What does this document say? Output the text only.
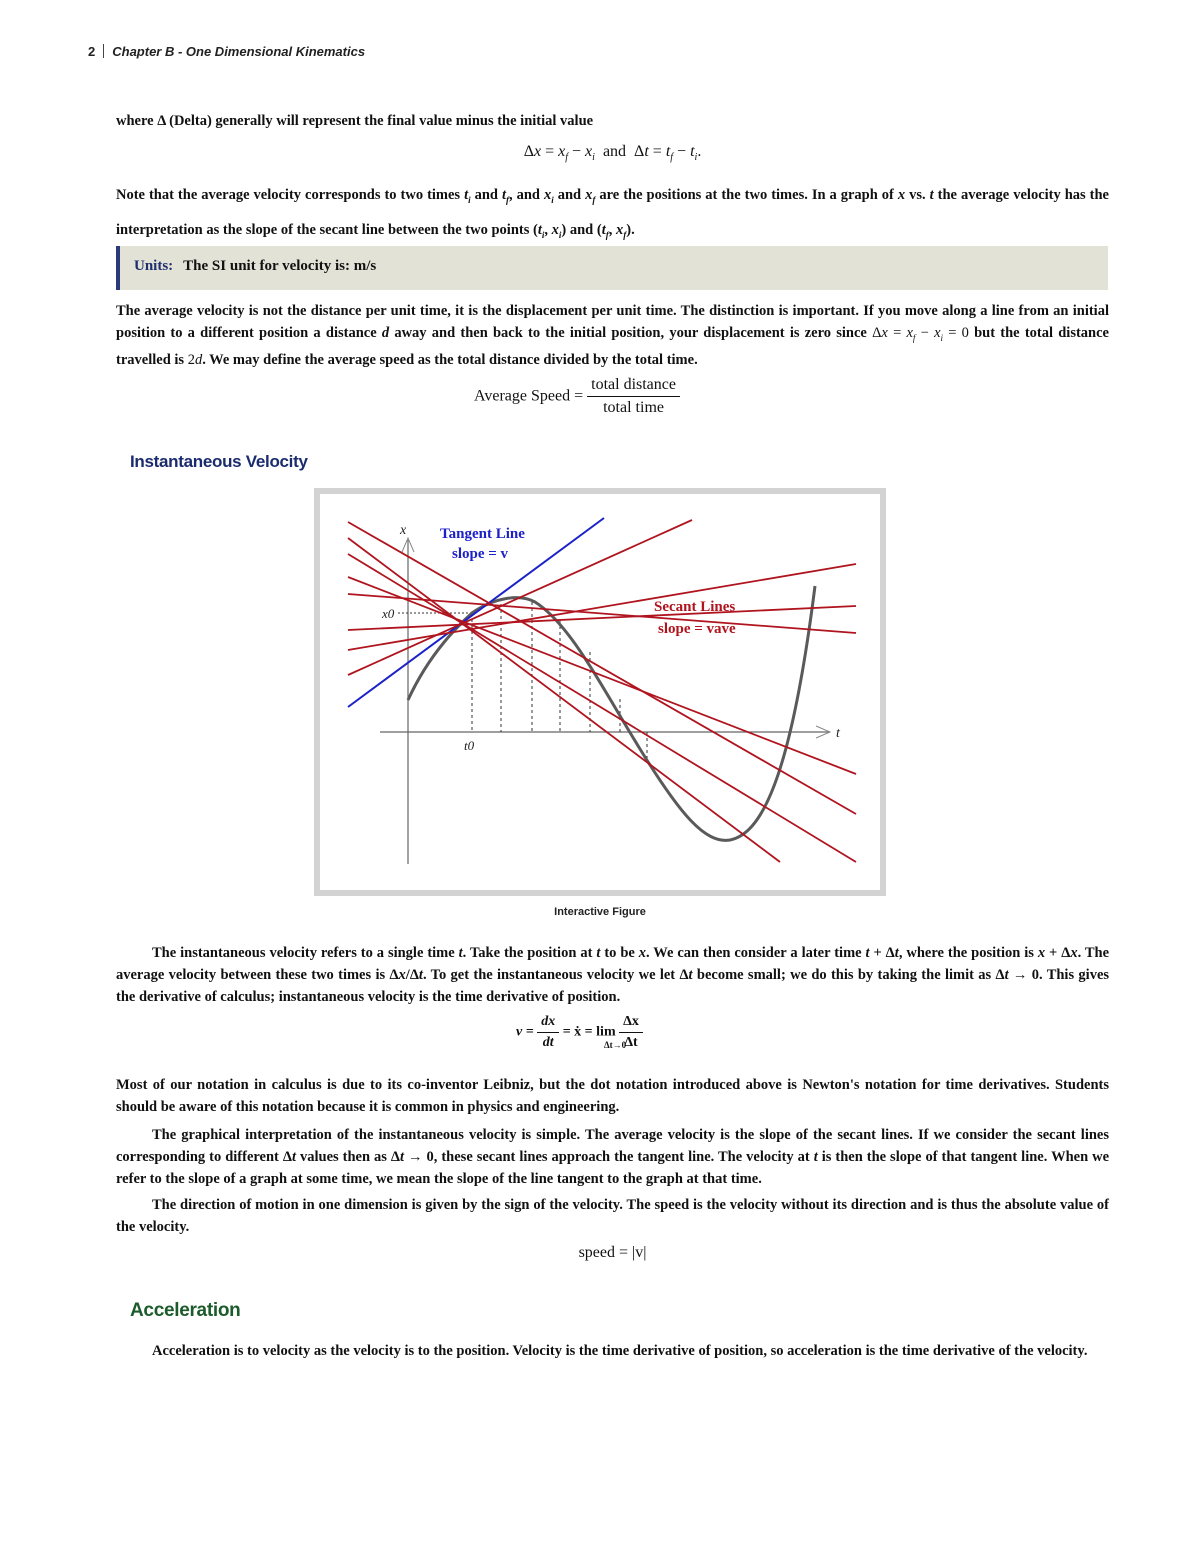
2 Chapter B - One Dimensional Kinematics
where Δ (Delta) generally will represent the final value minus the initial value
$\Delta x = x_f - x_i$  and  $\Delta t = t_f - t_i$.
Note that the average velocity corresponds to two times $t_i$ and $t_f$, and $x_i$ and $x_f$ are the positions at the two times. In a graph of x vs. t the average velocity has the interpretation as the slope of the secant line between the two points ($t_i$, $x_i$) and ($t_f$, $x_f$).
Units: The SI unit for velocity is: m/s
The average velocity is not the distance per unit time, it is the displacement per unit time. The distinction is important. If you move along a line from an initial position to a different position a distance d away and then back to the initial position, your displacement is zero since $\Delta x = x_f - x_i = 0$ but the total distance travelled is 2d. We may define the average speed as the total distance divided by the total time.
Average Speed = $\frac{\text{total distance}}{\text{total time}}$
Instantaneous Velocity
x
t
x0
t0
Tangent Line
slope = v
Secant Lines
slope = vave
Interactive Figure
The instantaneous velocity refers to a single time t. Take the position at t to be x. We can then consider a later time t + Δt, where the position is x + Δx. The average velocity between these two times is Δx/Δt. To get the instantaneous velocity we let Δt become small; we do this by taking the limit as Δt → 0. This gives the derivative of calculus; instantaneous velocity is the time derivative of position.
$v = \frac{dx}{dt}$ = ẋ = lim
Δt→0
$\frac{\Delta x}{\Delta t}$
Most of our notation in calculus is due to its co-inventor Leibniz, but the dot notation introduced above is Newton's notation for time derivatives. Students should be aware of this notation because it is common in physics and engineering.
The graphical interpretation of the instantaneous velocity is simple. The average velocity is the slope of the secant lines. If we consider the secant lines corresponding to different Δt values then as Δt → 0, these secant lines approach the tangent line. The velocity at t is then the slope of that tangent line. When we refer to the slope of a graph at some time, we mean the slope of the line tangent to the graph at that time.
The direction of motion in one dimension is given by the sign of the velocity. The speed is the velocity without its direction and is thus the absolute value of the velocity.
speed = |v|
Acceleration
Acceleration is to velocity as the velocity is to the position. Velocity is the time derivative of position, so acceleration is the time derivative of the velocity.
